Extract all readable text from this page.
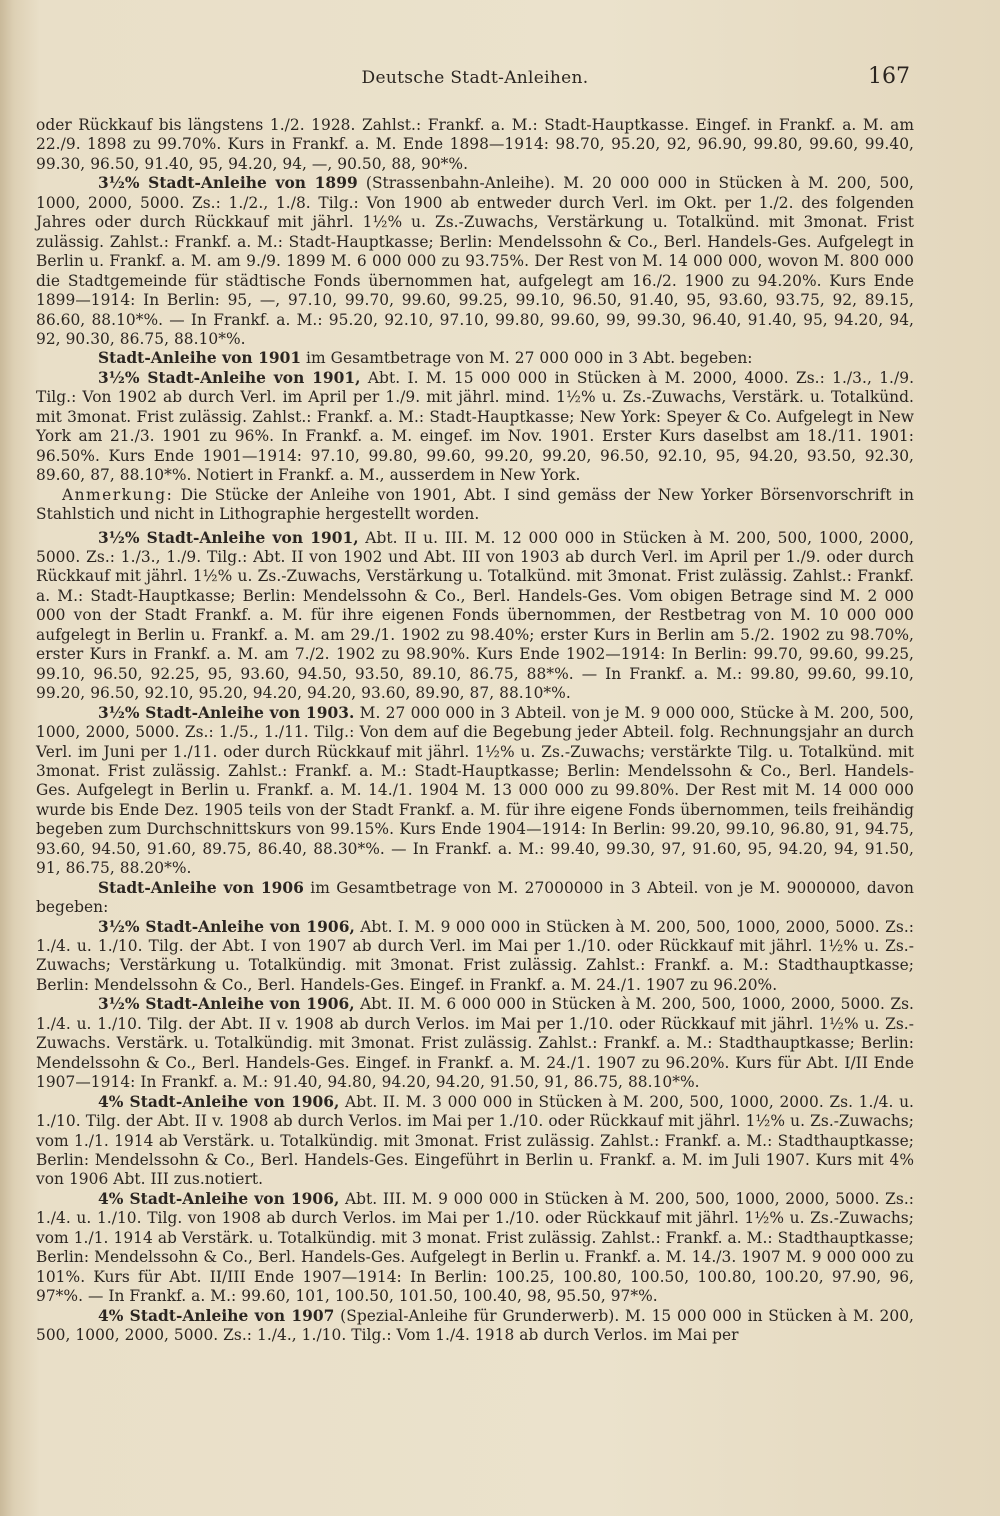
Deutsche Stadt-Anleihen.	167

oder Rückkauf bis längstens 1./2. 1928. Zahlst.: Frankf. a. M.: Stadt-Hauptkasse. Eingef. in Frankf. a. M. am 22./9. 1898 zu 99.70%. Kurs in Frankf. a. M. Ende 1898—1914: 98.70, 95.20, 92, 96.90, 99.80, 99.60, 99.40, 99.30, 96.50, 91.40, 95, 94.20, 94, —, 90.50, 88, 90*%.

3½% Stadt-Anleihe von 1899 (Strassenbahn-Anleihe). M. 20 000 000 in Stücken à M. 200, 500, 1000, 2000, 5000. Zs.: 1./2., 1./8. Tilg.: Von 1900 ab entweder durch Verl. im Okt. per 1./2. des folgenden Jahres oder durch Rückkauf mit jährl. 1½% u. Zs.-Zuwachs, Verstärkung u. Totalkünd. mit 3monat. Frist zulässig. Zahlst.: Frankf. a. M.: Stadt-Hauptkasse; Berlin: Mendelssohn & Co., Berl. Handels-Ges. Aufgelegt in Berlin u. Frankf. a. M. am 9./9. 1899 M. 6 000 000 zu 93.75%. Der Rest von M. 14 000 000, wovon M. 800 000 die Stadtgemeinde für städtische Fonds übernommen hat, aufgelegt am 16./2. 1900 zu 94.20%. Kurs Ende 1899—1914: In Berlin: 95, —, 97.10, 99.70, 99.60, 99.25, 99.10, 96.50, 91.40, 95, 93.60, 93.75, 92, 89.15, 86.60, 88.10*%. — In Frankf. a. M.: 95.20, 92.10, 97.10, 99.80, 99.60, 99, 99.30, 96.40, 91.40, 95, 94.20, 94, 92, 90.30, 86.75, 88.10*%.

Stadt-Anleihe von 1901 im Gesamtbetrage von M. 27 000 000 in 3 Abt. begeben:

3½% Stadt-Anleihe von 1901, Abt. I. M. 15 000 000 in Stücken à M. 2000, 4000. Zs.: 1./3., 1./9. Tilg.: Von 1902 ab durch Verl. im April per 1./9. mit jährl. mind. 1½% u. Zs.-Zuwachs, Verstärk. u. Totalkünd. mit 3monat. Frist zulässig. Zahlst.: Frankf. a. M.: Stadt-Hauptkasse; New York: Speyer & Co. Aufgelegt in New York am 21./3. 1901 zu 96%. In Frankf. a. M. eingef. im Nov. 1901. Erster Kurs daselbst am 18./11. 1901: 96.50%. Kurs Ende 1901—1914: 97.10, 99.80, 99.60, 99.20, 99.20, 96.50, 92.10, 95, 94.20, 93.50, 92.30, 89.60, 87, 88.10*%. Notiert in Frankf. a. M., ausserdem in New York.

Anmerkung: Die Stücke der Anleihe von 1901, Abt. I sind gemäss der New Yorker Börsenvorschrift in Stahlstich und nicht in Lithographie hergestellt worden.

3½% Stadt-Anleihe von 1901, Abt. II u. III. M. 12 000 000 in Stücken à M. 200, 500, 1000, 2000, 5000. Zs.: 1./3., 1./9. Tilg.: Abt. II von 1902 und Abt. III von 1903 ab durch Verl. im April per 1./9. oder durch Rückkauf mit jährl. 1½% u. Zs.-Zuwachs, Verstärkung u. Totalkünd. mit 3monat. Frist zulässig. Zahlst.: Frankf. a. M.: Stadt-Hauptkasse; Berlin: Mendelssohn & Co., Berl. Handels-Ges. Vom obigen Betrage sind M. 2 000 000 von der Stadt Frankf. a. M. für ihre eigenen Fonds übernommen, der Restbetrag von M. 10 000 000 aufgelegt in Berlin u. Frankf. a. M. am 29./1. 1902 zu 98.40%; erster Kurs in Berlin am 5./2. 1902 zu 98.70%, erster Kurs in Frankf. a. M. am 7./2. 1902 zu 98.90%. Kurs Ende 1902—1914: In Berlin: 99.70, 99.60, 99.25, 99.10, 96.50, 92.25, 95, 93.60, 94.50, 93.50, 89.10, 86.75, 88*%. — In Frankf. a. M.: 99.80, 99.60, 99.10, 99.20, 96.50, 92.10, 95.20, 94.20, 94.20, 93.60, 89.90, 87, 88.10*%.

3½% Stadt-Anleihe von 1903. M. 27 000 000 in 3 Abteil. von je M. 9 000 000, Stücke à M. 200, 500, 1000, 2000, 5000. Zs.: 1./5., 1./11. Tilg.: Von dem auf die Begebung jeder Abteil. folg. Rechnungsjahr an durch Verl. im Juni per 1./11. oder durch Rückkauf mit jährl. 1½% u. Zs.-Zuwachs; verstärkte Tilg. u. Totalkünd. mit 3monat. Frist zulässig. Zahlst.: Frankf. a. M.: Stadt-Hauptkasse; Berlin: Mendelssohn & Co., Berl. Handels-Ges. Aufgelegt in Berlin u. Frankf. a. M. 14./1. 1904 M. 13 000 000 zu 99.80%. Der Rest mit M. 14 000 000 wurde bis Ende Dez. 1905 teils von der Stadt Frankf. a. M. für ihre eigene Fonds übernommen, teils freihändig begeben zum Durchschnittskurs von 99.15%. Kurs Ende 1904—1914: In Berlin: 99.20, 99.10, 96.80, 91, 94.75, 93.60, 94.50, 91.60, 89.75, 86.40, 88.30*%. — In Frankf. a. M.: 99.40, 99.30, 97, 91.60, 95, 94.20, 94, 91.50, 91, 86.75, 88.20*%.

Stadt-Anleihe von 1906 im Gesamtbetrage von M. 27000000 in 3 Abteil. von je M. 9000000, davon begeben:

3½% Stadt-Anleihe von 1906, Abt. I. M. 9 000 000 in Stücken à M. 200, 500, 1000, 2000, 5000. Zs.: 1./4. u. 1./10. Tilg. der Abt. I von 1907 ab durch Verl. im Mai per 1./10. oder Rückkauf mit jährl. 1½% u. Zs.-Zuwachs; Verstärkung u. Totalkündig. mit 3monat. Frist zulässig. Zahlst.: Frankf. a. M.: Stadthauptkasse; Berlin: Mendelssohn & Co., Berl. Handels-Ges. Eingef. in Frankf. a. M. 24./1. 1907 zu 96.20%.

3½% Stadt-Anleihe von 1906, Abt. II. M. 6 000 000 in Stücken à M. 200, 500, 1000, 2000, 5000. Zs. 1./4. u. 1./10. Tilg. der Abt. II v. 1908 ab durch Verlos. im Mai per 1./10. oder Rückkauf mit jährl. 1½% u. Zs.-Zuwachs. Verstärk. u. Totalkündig. mit 3monat. Frist zulässig. Zahlst.: Frankf. a. M.: Stadthauptkasse; Berlin: Mendelssohn & Co., Berl. Handels-Ges. Eingef. in Frankf. a. M. 24./1. 1907 zu 96.20%. Kurs für Abt. I/II Ende 1907—1914: In Frankf. a. M.: 91.40, 94.80, 94.20, 94.20, 91.50, 91, 86.75, 88.10*%.

4% Stadt-Anleihe von 1906, Abt. II. M. 3 000 000 in Stücken à M. 200, 500, 1000, 2000. Zs. 1./4. u. 1./10. Tilg. der Abt. II v. 1908 ab durch Verlos. im Mai per 1./10. oder Rückkauf mit jährl. 1½% u. Zs.-Zuwachs; vom 1./1. 1914 ab Verstärk. u. Totalkündig. mit 3monat. Frist zulässig. Zahlst.: Frankf. a. M.: Stadthauptkasse; Berlin: Mendelssohn & Co., Berl. Handels-Ges. Eingeführt in Berlin u. Frankf. a. M. im Juli 1907. Kurs mit 4% von 1906 Abt. III zus.notiert.

4% Stadt-Anleihe von 1906, Abt. III. M. 9 000 000 in Stücken à M. 200, 500, 1000, 2000, 5000. Zs.: 1./4. u. 1./10. Tilg. von 1908 ab durch Verlos. im Mai per 1./10. oder Rückkauf mit jährl. 1½% u. Zs.-Zuwachs; vom 1./1. 1914 ab Verstärk. u. Totalkündig. mit 3 monat. Frist zulässig. Zahlst.: Frankf. a. M.: Stadthauptkasse; Berlin: Mendelssohn & Co., Berl. Handels-Ges. Aufgelegt in Berlin u. Frankf. a. M. 14./3. 1907 M. 9 000 000 zu 101%. Kurs für Abt. II/III Ende 1907—1914: In Berlin: 100.25, 100.80, 100.50, 100.80, 100.20, 97.90, 96, 97*%. — In Frankf. a. M.: 99.60, 101, 100.50, 101.50, 100.40, 98, 95.50, 97*%.

4% Stadt-Anleihe von 1907 (Spezial-Anleihe für Grunderwerb). M. 15 000 000 in Stücken à M. 200, 500, 1000, 2000, 5000. Zs.: 1./4., 1./10. Tilg.: Vom 1./4. 1918 ab durch Verlos. im Mai per
